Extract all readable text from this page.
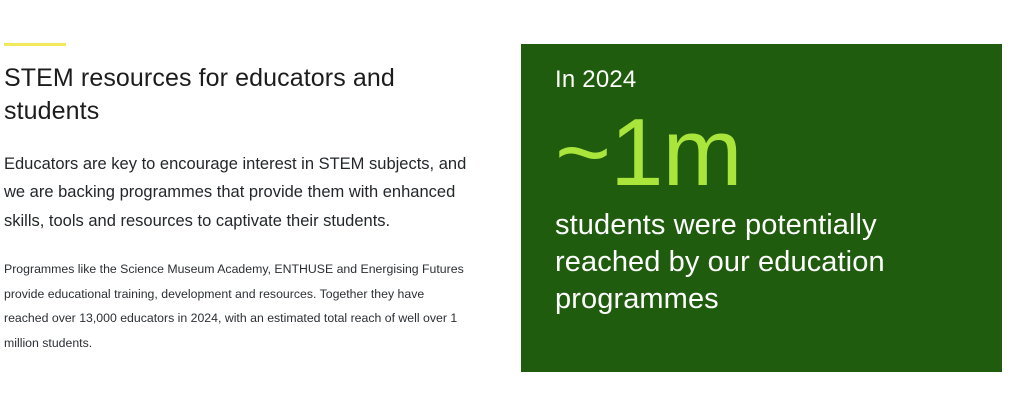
STEM resources for educators and students

Educators are key to encourage interest in STEM subjects, and we are backing programmes that provide them with enhanced skills, tools and resources to captivate their students.

Programmes like the Science Museum Academy, ENTHUSE and Energising Futures provide educational training, development and resources. Together they have reached over 13,000 educators in 2024, with an estimated total reach of well over 1 million students.

In 2024

~1m

students were potentially reached by our education programmes
